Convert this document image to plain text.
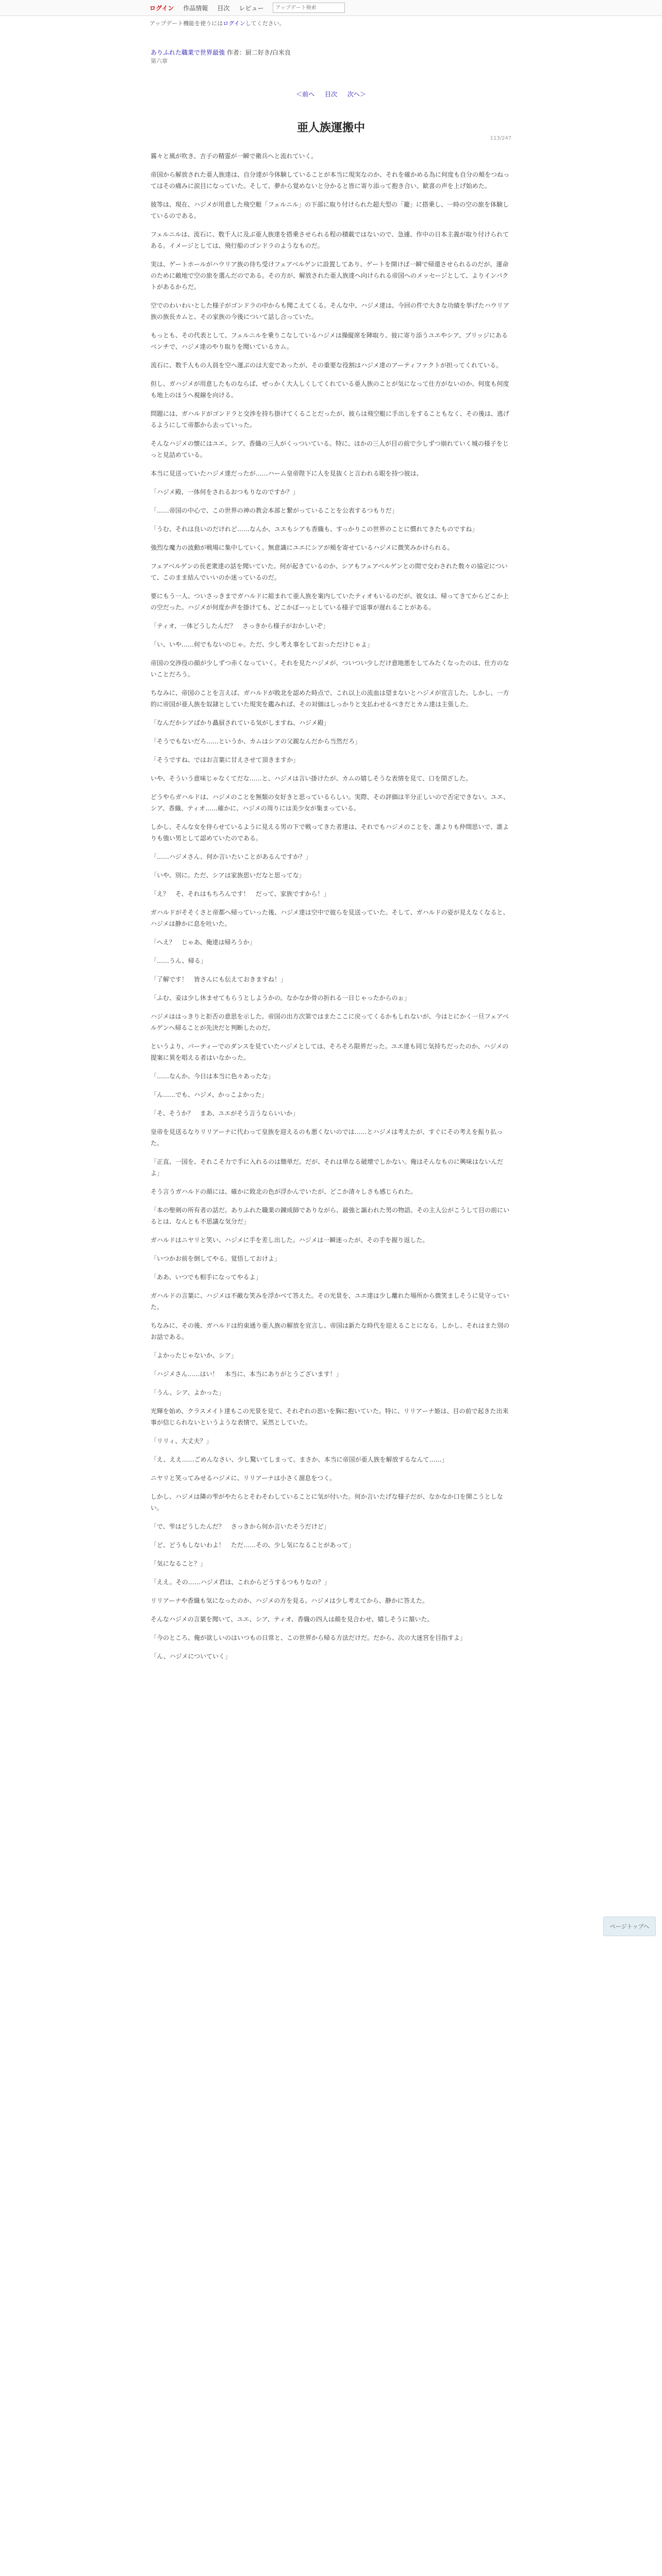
ログイン 作品情報 目次 レビュー
アップデート検索
アップデート機能を使うにはログインしてください。
ありふれた職業で世界最強 作者：厨二好き/白米良
第六章
＜前へ 目次 次へ＞
113/247
亜人族運搬中

霧々と風が吹き、吉子の精霊が一瞬で衛兵へと流れていく。

帝国から解放された亜人族達は、自分達が今体験していることが本当に現実なのか、それを確かめる為に何度も自分の頬をつねってはその痛みに涙目になっていた。そして、夢から覚めないと分かると皆に寄り添って抱き合い、歓喜の声を上げ始めた。

彼等は、現在、ハジメが用意した飛空艇「フェルニル」の下部に取り付けられた超大型の「籠」に搭乗し、一時の空の旅を体験しているのである。

フェルニルは、流石に、数千人に及ぶ亜人族達を搭乗させられる程の積載ではないので、急遽、作中の日本主義が取り付けられてある。イメージとしては、飛行船のゴンドラのようなものだ。

実は、ゲートホールがハウリア族の待ち受けフェアベルゲンに設置してあり、ゲートを開けば一瞬で帰還させられるのだが、運命のために敵地で空の旅を選んだのである。その方が、解放された亜人族達へ向けられる帝国へのメッセージとして、よりインパクトがあるからだ。

空でのわいわいとした様子がゴンドラの中からも聞こえてくる。そんな中、ハジメ達は、今回の件で大きな功績を挙げたハウリア族の族長カムと、その家族の今後について話し合っていた。

もっとも、その代表として、フェルニルを乗りこなしているハジメは操縦席を陣取り、彼に寄り添うユエやシア、ブリッジにあるベンチで、ハジメ達のやり取りを聞いているカム。

流石に、数千人もの人員を空へ運ぶのは大変であったが、その重要な役割はハジメ達のアーティファクトが担ってくれている。

但し、ガハジメが用意したものならば、ぜっかく大人しくしてくれている亜人族のことが気になって仕方がないのか、何度も何度も地上のほうへ視線を向ける。

問題には、ガハルドがゴンドラと交渉を持ち掛けてくることだったが、彼らは飛空艇に手出しをすることもなく、その後は、逃げるようにして帝都から去っていった。

そんなハジメの懐にはユエ、シア、香織の三人がくっついている。特に、ほかの三人が目の前で少しずつ崩れていく城の様子をじっと見詰めている。

本当に見送っていたハジメ達だったが……ハーム皇帝陛下に人を見抜くと言われる眼を持つ彼は、

「ハジメ殿、一体何をされるおつもりなのですか？」

「……帝国の中心で、この世界の神の教会本部と繋がっていることを公表するつもりだ」

「うむ、それは良いのだけれど……なんか、ユエもシアも香織も、すっかりこの世界のことに慣れてきたものですね」

強烈な魔力の波動が戦場に集中していく。無意識にユエにシアが頬を寄せているハジメに微笑みかけられる。

フェアベルゲンの長老衆達の話を聞いていた。何が起きているのか、シアもフェアベルゲンとの間で交わされた数々の協定について、このまま結んでいいのか迷っているのだ。

要にもう一人、ついさっきまでガハルドに組まれて亜人族を案内していたティオもいるのだが、彼女は、帰ってきてからどこか上の空だった。ハジメが何度か声を掛けても、どこかぼーっとしている様子で返事が遅れることがある。

「ティオ、一体どうしたんだ？　さっきから様子がおかしいぞ」

「い、いや……何でもないのじゃ。ただ、少し考え事をしておっただけじゃよ」

帝国の交渉役の顔が少しずつ赤くなっていく。それを見たハジメが、ついつい少しだけ意地悪をしてみたくなったのは、仕方のないことだろう。

ちなみに、帝国のことを言えば、ガハルドが敗北を認めた時点で、これ以上の流血は望まないとハジメが宣言した。しかし、一方的に帝国が亜人族を奴隷としていた現実を鑑みれば、その対価はしっかりと支払わせるべきだとカム達は主張した。

「なんだかシアばかり贔屓されている気がしますね、ハジメ殿」

「そうでもないだろ……というか、カムはシアの父親なんだから当然だろ」

「そうですね、ではお言葉に甘えさせて頂きますか」

いや、そういう意味じゃなくてだな……と、ハジメは言い掛けたが、カムの嬉しそうな表情を見て、口を閉ざした。

どうやらガハルドは、ハジメのことを無類の女好きと思っているらしい。実際、その評価は半分正しいので否定できない。ユエ、シア、香織、ティオ……確かに、ハジメの周りには美少女が集まっている。

しかし、そんな女を侍らせているように見える男の下で戦ってきた者達は、それでもハジメのことを、誰よりも仲間思いで、誰よりも強い男として認めていたのである。

「……ハジメさん、何か言いたいことがあるんですか？」

「いや、別に。ただ、シアは家族思いだなと思ってな」

「え？　そ、それはもちろんです！　だって、家族ですから！」

ガハルドがそそくさと帝都へ帰っていった後、ハジメ達は空中で彼らを見送っていた。そして、ガハルドの姿が見えなくなると、ハジメは静かに息を吐いた。

「へえ？　じゃあ、俺達は帰ろうか」

「……うん、帰る」

「了解です！　皆さんにも伝えておきますね！」

「ふむ、妾は少し休ませてもらうとしようかの。なかなか骨の折れる一日じゃったからのぉ」

ハジメははっきりと拒否の意思を示した。帝国の出方次第ではまたここに戻ってくるかもしれないが、今はとにかく一旦フェアベルゲンへ帰ることが先決だと判断したのだ。

というより、パーティーでのダンスを見ていたハジメとしては、そろそろ限界だった。ユエ達も同じ気持ちだったのか、ハジメの提案に異を唱える者はいなかった。

「……なんか、今日は本当に色々あったな」

「ん……でも、ハジメ、かっこよかった」

「そ、そうか？　まあ、ユエがそう言うならいいか」

皇帝を見送るなりリリアーナに代わって皇族を迎えるのも悪くないのでは……とハジメは考えたが、すぐにその考えを振り払った。

「正直、一国を、それこそ力で手に入れるのは簡単だ。だが、それは単なる破壊でしかない。俺はそんなものに興味はないんだよ」

そう言うガハルドの顔には、確かに敗北の色が浮かんでいたが、どこか清々しさも感じられた。

「本の聖剣の所有者の話だ。ありふれた職業の錬成師でありながら、最強と謳われた男の物語。その主人公がこうして目の前にいるとは、なんとも不思議な気分だ」

ガハルドはニヤリと笑い、ハジメに手を差し出した。ハジメは一瞬迷ったが、その手を握り返した。

「いつかお前を倒してやる。覚悟しておけよ」

「ああ、いつでも相手になってやるよ」

ガハルドの言葉に、ハジメは不敵な笑みを浮かべて答えた。その光景を、ユエ達は少し離れた場所から微笑ましそうに見守っていた。

ちなみに、その後、ガハルドは約束通り亜人族の解放を宣言し、帝国は新たな時代を迎えることになる。しかし、それはまた別のお話である。

「よかったじゃないか、シア」

「ハジメさん……はい！　本当に、本当にありがとうございます！」

「うん、シア、よかった」

光輝を始め、クラスメイト達もこの光景を見て、それぞれの思いを胸に抱いていた。特に、リリアーナ姫は、目の前で起きた出来事が信じられないというような表情で、呆然としていた。

「リリィ、大丈夫？」

「え、ええ……ごめんなさい、少し驚いてしまって。まさか、本当に帝国が亜人族を解放するなんて……」

ニヤリと笑ってみせるハジメに、リリアーナは小さく溜息をつく。

しかし、ハジメは隣の雫がやたらとそわそわしていることに気が付いた。何か言いたげな様子だが、なかなか口を開こうとしない。

「で、雫はどうしたんだ？　さっきから何か言いたそうだけど」

「ど、どうもしないわよ！　ただ……その、少し気になることがあって」

「気になること？」

「ええ。その……ハジメ君は、これからどうするつもりなの？」

リリアーナや香織も気になったのか、ハジメの方を見る。ハジメは少し考えてから、静かに答えた。

そんなハジメの言葉を聞いて、ユエ、シア、ティオ、香織の四人は顔を見合わせ、嬉しそうに頷いた。

「今のところ、俺が欲しいのはいつもの日常と、この世界から帰る方法だけだ。だから、次の大迷宮を目指すよ」

「ん、ハジメについていく」

ページトップへ
